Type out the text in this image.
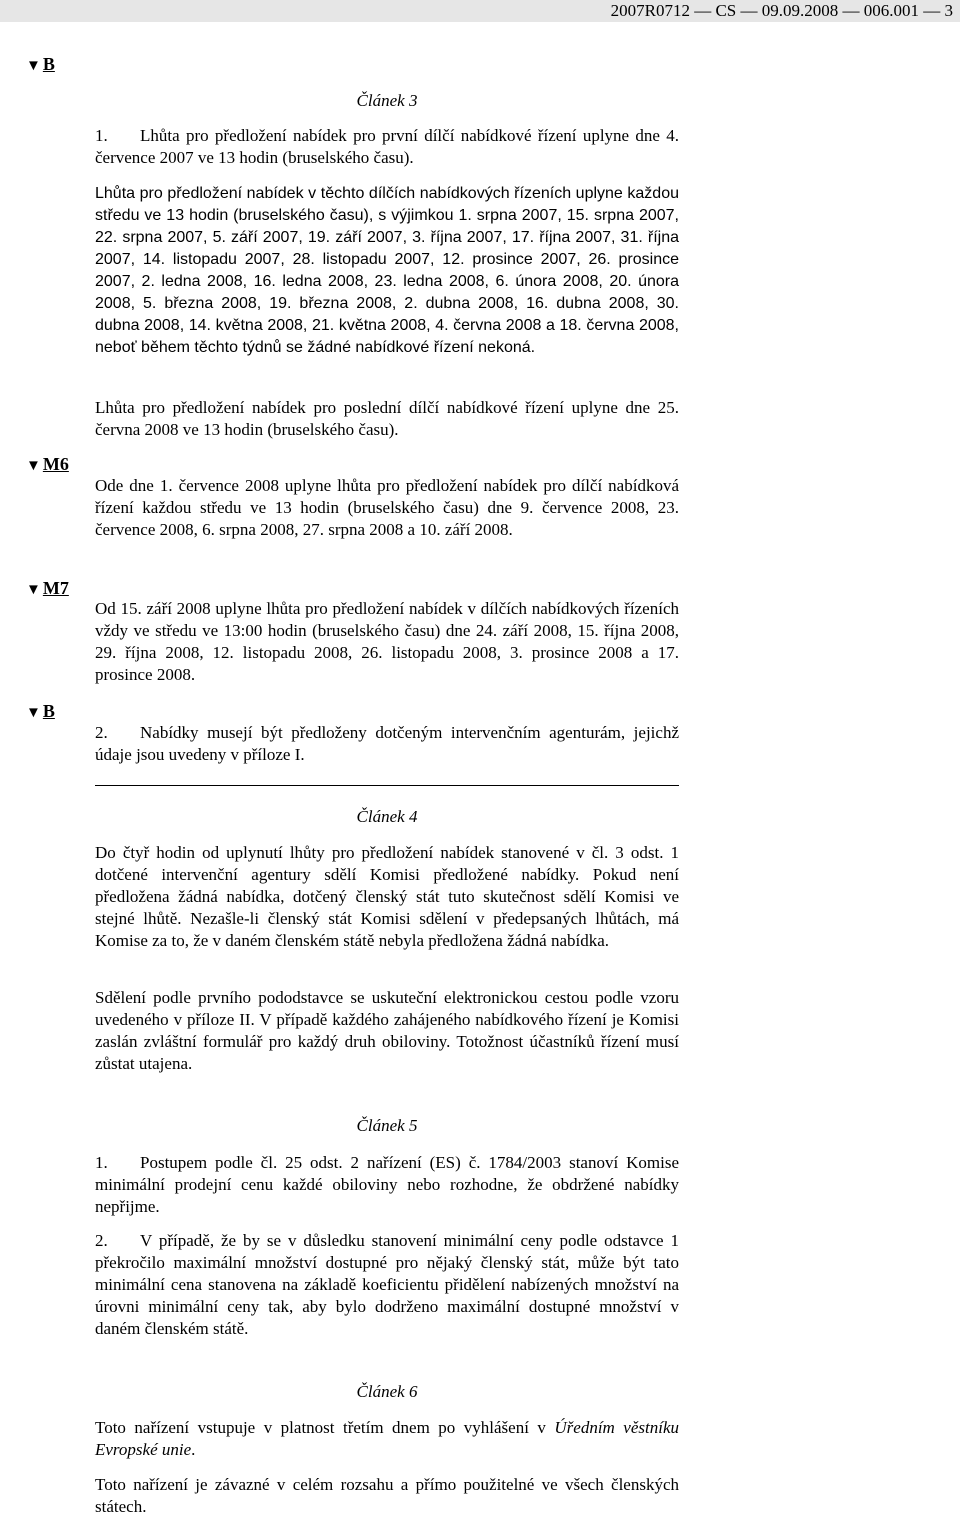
2007R0712 — CS — 09.09.2008 — 006.001 — 3
▼ B
▼ M6
▼ M7
▼ B

Článek 3

1. Lhůta pro předložení nabídek pro první dílčí nabídkové řízení uplyne dne 4. července 2007 ve 13 hodin (bruselského času).

Lhůta pro předložení nabídek v těchto dílčích nabídkových řízeních uplyne každou středu ve 13 hodin (bruselského času), s výjimkou 1. srpna 2007, 15. srpna 2007, 22. srpna 2007, 5. září 2007, 19. září 2007, 3. října 2007, 17. října 2007, 31. října 2007, 14. listopadu 2007, 28. listopadu 2007, 12. prosince 2007, 26. prosince 2007, 2. ledna 2008, 16. ledna 2008, 23. ledna 2008, 6. února 2008, 20. února 2008, 5. března 2008, 19. března 2008, 2. dubna 2008, 16. dubna 2008, 30. dubna 2008, 14. května 2008, 21. května 2008, 4. června 2008 a 18. června 2008, neboť během těchto týdnů se žádné nabídkové řízení nekoná.

Lhůta pro předložení nabídek pro poslední dílčí nabídkové řízení uplyne dne 25. června 2008 ve 13 hodin (bruselského času).

Ode dne 1. července 2008 uplyne lhůta pro předložení nabídek pro dílčí nabídková řízení každou středu ve 13 hodin (bruselského času) dne 9. července 2008, 23. července 2008, 6. srpna 2008, 27. srpna 2008 a 10. září 2008.

Od 15. září 2008 uplyne lhůta pro předložení nabídek v dílčích nabídkových řízeních vždy ve středu ve 13:00 hodin (bruselského času) dne 24. září 2008, 15. října 2008, 29. října 2008, 12. listopadu 2008, 26. listopadu 2008, 3. prosince 2008 a 17. prosince 2008.

2. Nabídky musejí být předloženy dotčeným intervenčním agenturám, jejichž údaje jsou uvedeny v příloze I.

Článek 4

Do čtyř hodin od uplynutí lhůty pro předložení nabídek stanovené v čl. 3 odst. 1 dotčené intervenční agentury sdělí Komisi předložené nabídky. Pokud není předložena žádná nabídka, dotčený členský stát tuto skutečnost sdělí Komisi ve stejné lhůtě. Nezašle-li členský stát Komisi sdělení v předepsaných lhůtách, má Komise za to, že v daném členském státě nebyla předložena žádná nabídka.

Sdělení podle prvního pododstavce se uskuteční elektronickou cestou podle vzoru uvedeného v příloze II. V případě každého zahájeného nabídkového řízení je Komisi zaslán zvláštní formulář pro každý druh obiloviny. Totožnost účastníků řízení musí zůstat utajena.

Článek 5

1. Postupem podle čl. 25 odst. 2 nařízení (ES) č. 1784/2003 stanoví Komise minimální prodejní cenu každé obiloviny nebo rozhodne, že obdržené nabídky nepřijme.

2. V případě, že by se v důsledku stanovení minimální ceny podle odstavce 1 překročilo maximální množství dostupné pro nějaký členský stát, může být tato minimální cena stanovena na základě koeficientu přidělení nabízených množství na úrovni minimální ceny tak, aby bylo dodrženo maximální dostupné množství v daném členském státě.

Článek 6

Toto nařízení vstupuje v platnost třetím dnem po vyhlášení v Úředním věstníku Evropské unie.

Toto nařízení je závazné v celém rozsahu a přímo použitelné ve všech členských státech.
